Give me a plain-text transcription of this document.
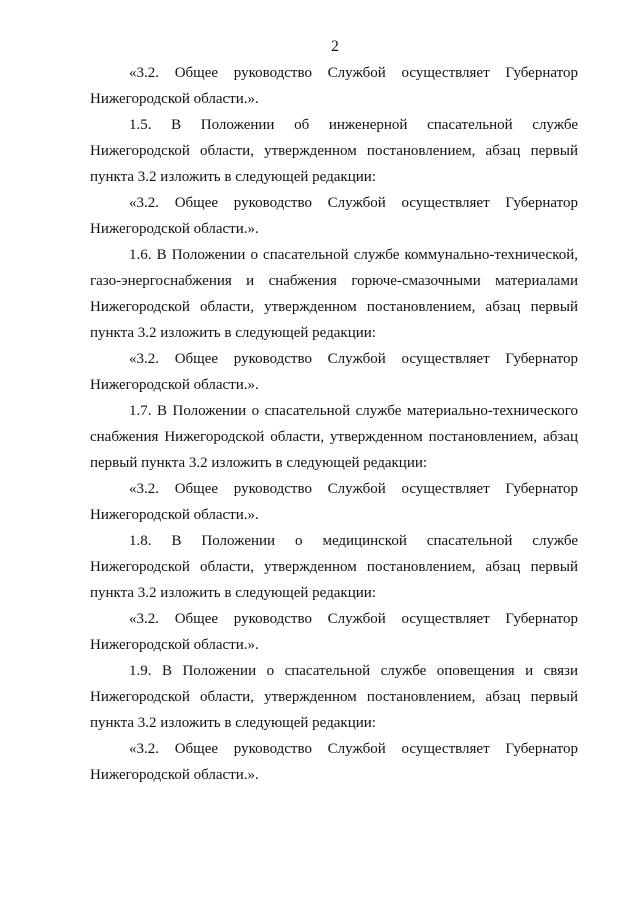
2

«3.2. Общее руководство Службой осуществляет Губернатор Нижегородской области.».

1.5. В Положении об инженерной спасательной службе Нижегородской области, утвержденном постановлением, абзац первый пункта 3.2 изложить в следующей редакции:

«3.2. Общее руководство Службой осуществляет Губернатор Нижегородской области.».

1.6. В Положении о спасательной службе коммунально-технической, газо-энергоснабжения и снабжения горюче-смазочными материалами Нижегородской области, утвержденном постановлением, абзац первый пункта 3.2 изложить в следующей редакции:

«3.2. Общее руководство Службой осуществляет Губернатор Нижегородской области.».

1.7. В Положении о спасательной службе материально-технического снабжения Нижегородской области, утвержденном постановлением, абзац первый пункта 3.2 изложить в следующей редакции:

«3.2. Общее руководство Службой осуществляет Губернатор Нижегородской области.».

1.8. В Положении о медицинской спасательной службе Нижегородской области, утвержденном постановлением, абзац первый пункта 3.2 изложить в следующей редакции:

«3.2. Общее руководство Службой осуществляет Губернатор Нижегородской области.».

1.9. В Положении о спасательной службе оповещения и связи Нижегородской области, утвержденном постановлением, абзац первый пункта 3.2 изложить в следующей редакции:

«3.2. Общее руководство Службой осуществляет Губернатор Нижегородской области.».
